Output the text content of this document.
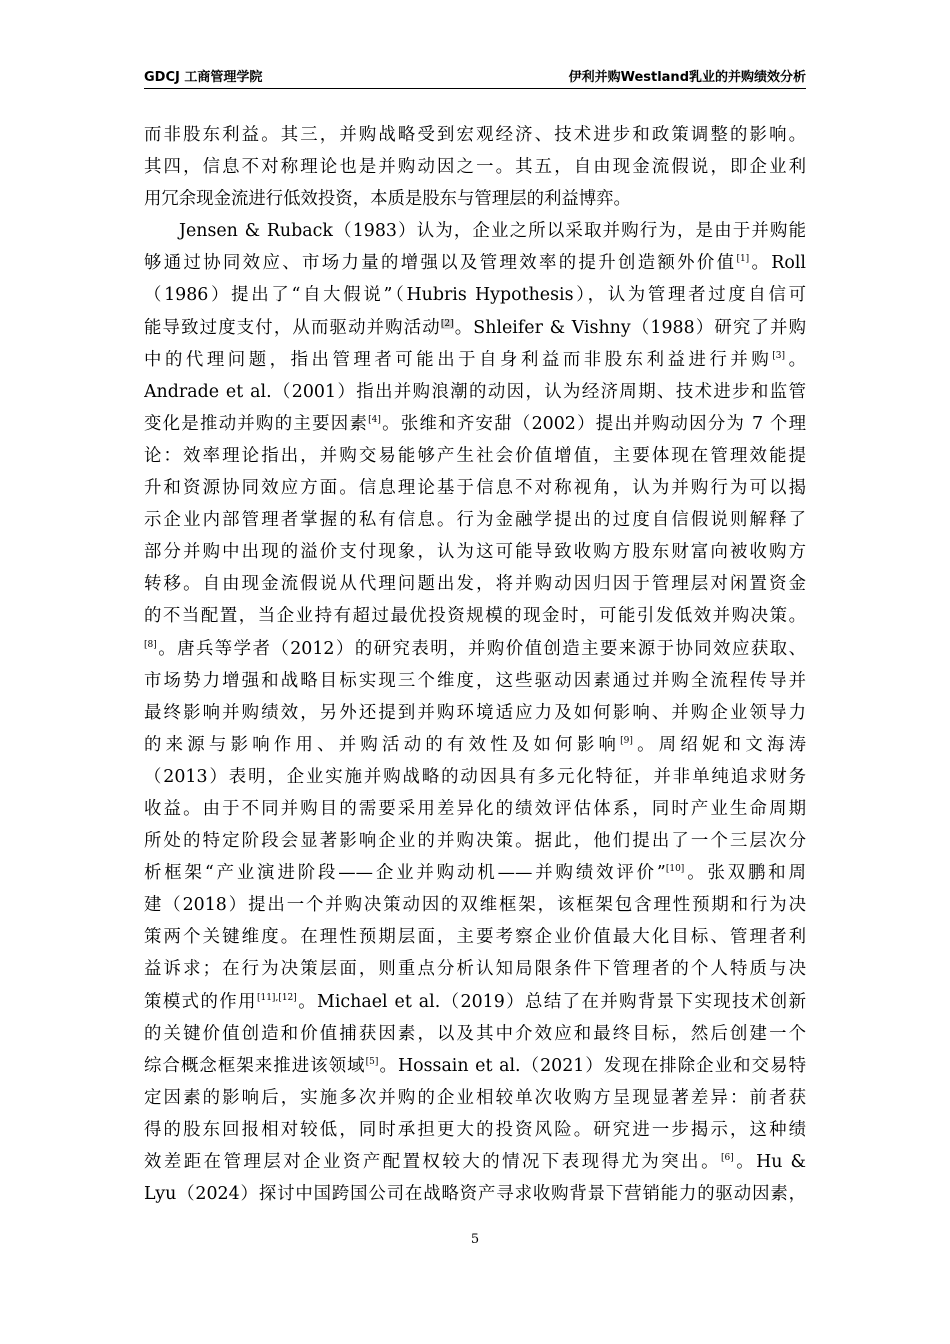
GDCJ 工商管理学院	伊利并购Westland乳业的并购绩效分析
而非股东利益。其三，并购战略受到宏观经济、技术进步和政策调整的影响。
其四，信息不对称理论也是并购动因之一。其五，自由现金流假说，即企业利
用冗余现金流进行低效投资，本质是股东与管理层的利益博弈。
Jensen & Ruback（1983）认为，企业之所以采取并购行为，是由于并购能
够通过协同效应、市场力量的增强以及管理效率的提升创造额外价值[1]。Roll
（1986）提出了“自大假说”（Hubris Hypothesis），认为管理者过度自信可
能导致过度支付，从而驱动并购活动[2]。Shleifer & Vishny（1988）研究了并购
中的代理问题，指出管理者可能出于自身利益而非股东利益进行并购[3]。
Andrade et al.（2001）指出并购浪潮的动因，认为经济周期、技术进步和监管
变化是推动并购的主要因素[4]。张维和齐安甜（2002）提出并购动因分为 7 个理
论：效率理论指出，并购交易能够产生社会价值增值，主要体现在管理效能提
升和资源协同效应方面。信息理论基于信息不对称视角，认为并购行为可以揭
示企业内部管理者掌握的私有信息。行为金融学提出的过度自信假说则解释了
部分并购中出现的溢价支付现象，认为这可能导致收购方股东财富向被收购方
转移。自由现金流假说从代理问题出发，将并购动因归因于管理层对闲置资金
的不当配置，当企业持有超过最优投资规模的现金时，可能引发低效并购决策。
[8]。唐兵等学者（2012）的研究表明，并购价值创造主要来源于协同效应获取、
市场势力增强和战略目标实现三个维度，这些驱动因素通过并购全流程传导并
最终影响并购绩效，另外还提到并购环境适应力及如何影响、并购企业领导力
的来源与影响作用、并购活动的有效性及如何影响[9]。周绍妮和文海涛
（2013）表明，企业实施并购战略的动因具有多元化特征，并非单纯追求财务
收益。由于不同并购目的需要采用差异化的绩效评估体系，同时产业生命周期
所处的特定阶段会显著影响企业的并购决策。据此，他们提出了一个三层次分
析框架“产业演进阶段——企业并购动机——并购绩效评价”[10]。张双鹏和周
建（2018）提出一个并购决策动因的双维框架，该框架包含理性预期和行为决
策两个关键维度。在理性预期层面，主要考察企业价值最大化目标、管理者利
益诉求；在行为决策层面，则重点分析认知局限条件下管理者的个人特质与决
策模式的作用[11],[12]。Michael et al.（2019）总结了在并购背景下实现技术创新
的关键价值创造和价值捕获因素，以及其中介效应和最终目标，然后创建一个
综合概念框架来推进该领域[5]。Hossain et al.（2021）发现在排除企业和交易特
定因素的影响后，实施多次并购的企业相较单次收购方呈现显著差异：前者获
得的股东回报相对较低，同时承担更大的投资风险。研究进一步揭示，这种绩
效差距在管理层对企业资产配置权较大的情况下表现得尤为突出。[6]。Hu &
Lyu（2024）探讨中国跨国公司在战略资产寻求收购背景下营销能力的驱动因素，
5
